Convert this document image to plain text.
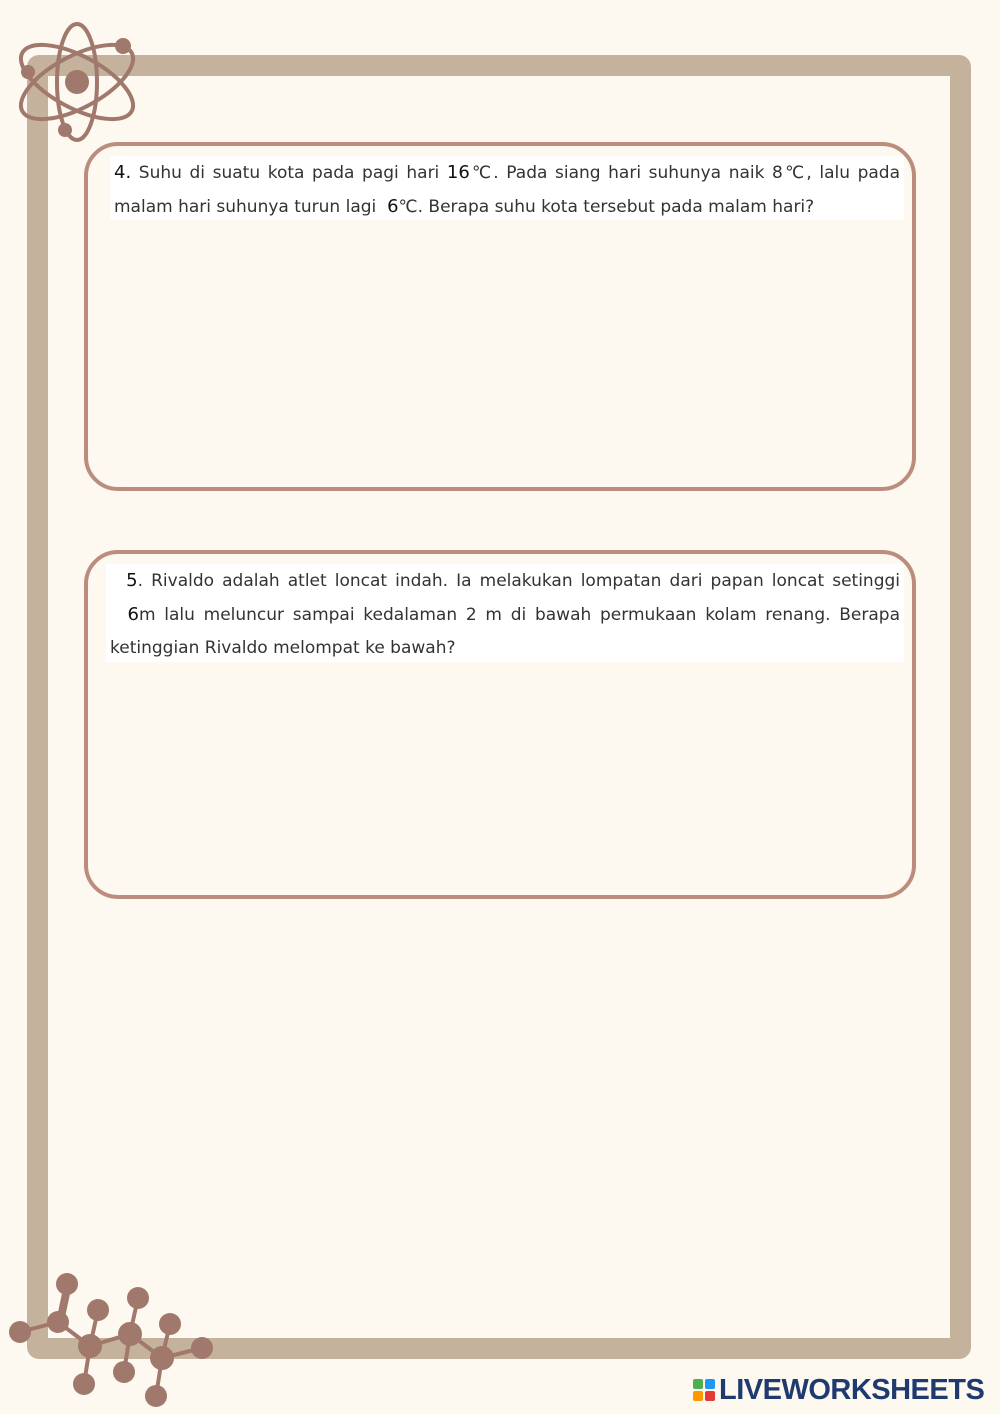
4. Suhu di suatu kota pada pagi hari 16℃. Pada siang hari suhunya naik 8℃, lalu pada malam hari suhunya turun lagi 6℃. Berapa suhu kota tersebut pada malam hari?
5. Rivaldo adalah atlet loncat indah. Ia melakukan lompatan dari papan loncat setinggi   6m lalu meluncur sampai kedalaman 2 m di bawah permukaan kolam renang. Berapa ketinggian Rivaldo melompat ke bawah?
LIVEWORKSHEETS
